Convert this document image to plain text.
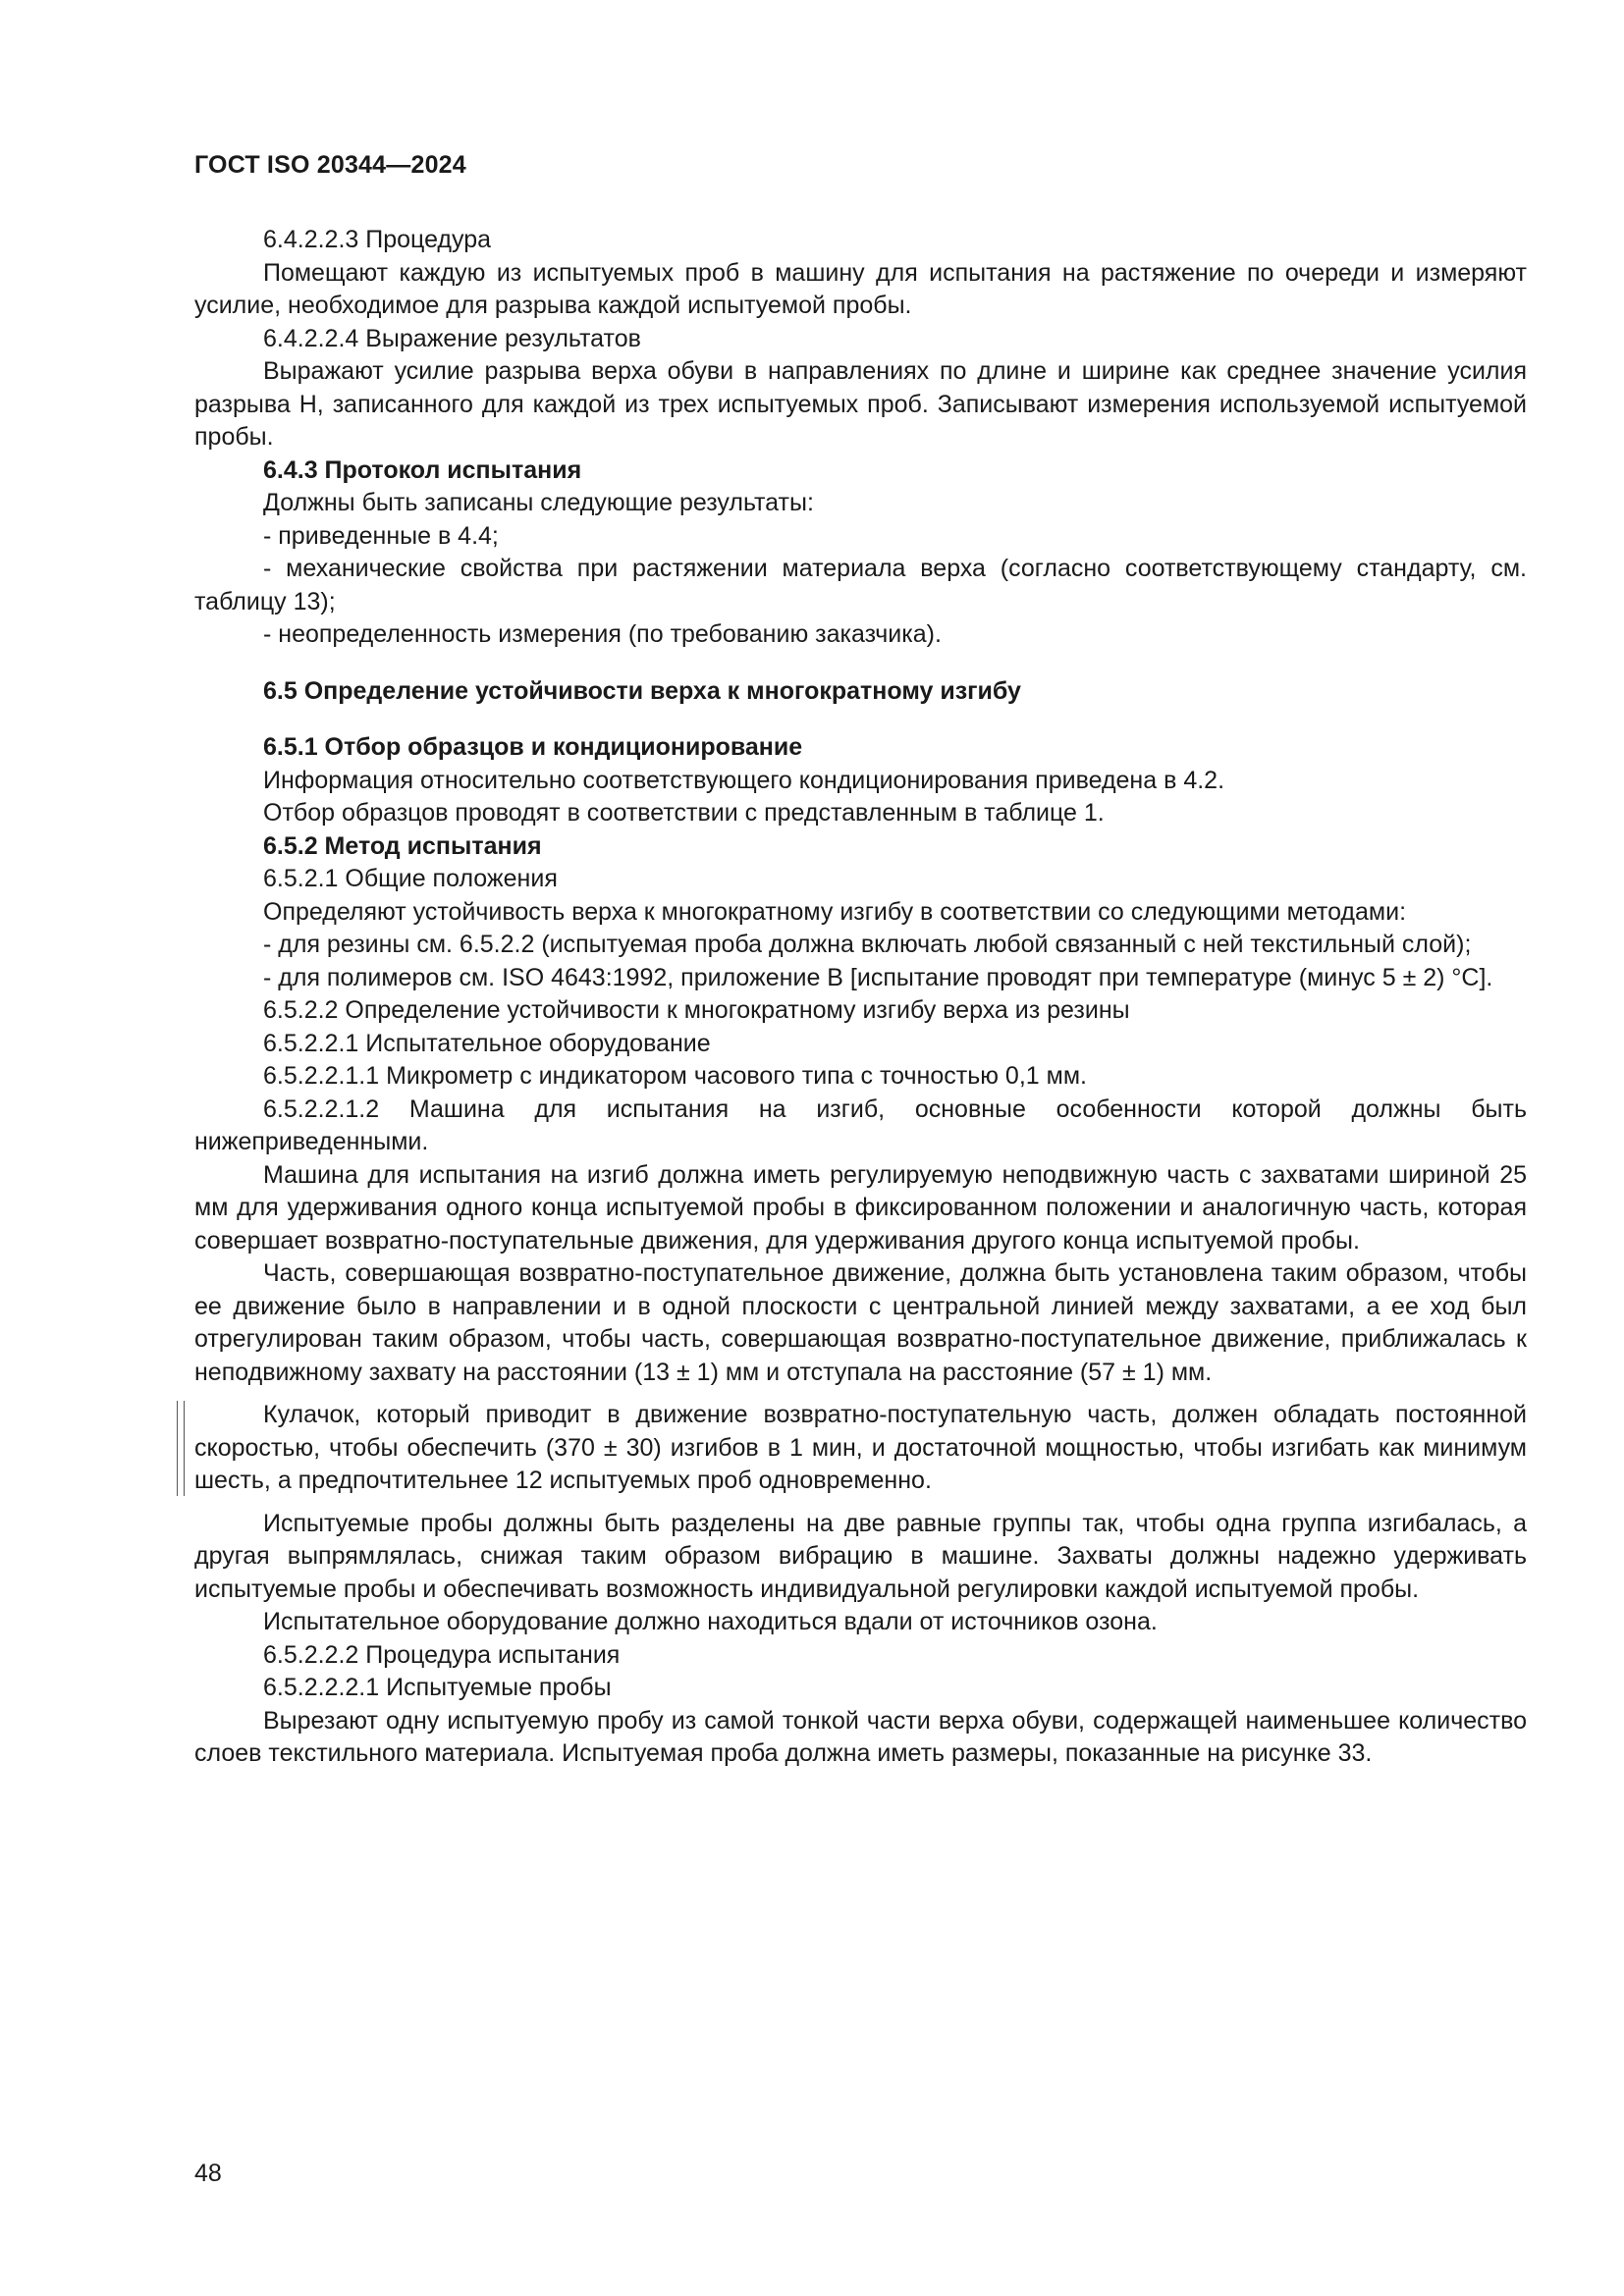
ГОСТ ISO 20344—2024

6.4.2.2.3 Процедура

Помещают каждую из испытуемых проб в машину для испытания на растяжение по очереди и измеряют усилие, необходимое для разрыва каждой испытуемой пробы.

6.4.2.2.4 Выражение результатов

Выражают усилие разрыва верха обуви в направлениях по длине и ширине как среднее значение усилия разрыва Н, записанного для каждой из трех испытуемых проб. Записывают измерения используемой испытуемой пробы.

6.4.3 Протокол испытания

Должны быть записаны следующие результаты:

- приведенные в 4.4;

- механические свойства при растяжении материала верха (согласно соответствующему стандарту, см. таблицу 13);

- неопределенность измерения (по требованию заказчика).

6.5 Определение устойчивости верха к многократному изгибу

6.5.1 Отбор образцов и кондиционирование

Информация относительно соответствующего кондиционирования приведена в 4.2.

Отбор образцов проводят в соответствии с представленным в таблице 1.

6.5.2 Метод испытания

6.5.2.1 Общие положения

Определяют устойчивость верха к многократному изгибу в соответствии со следующими методами:

- для резины см. 6.5.2.2 (испытуемая проба должна включать любой связанный с ней текстильный слой);

- для полимеров см. ISO 4643:1992, приложение B [испытание проводят при температуре (минус 5 ± 2) °С].

6.5.2.2 Определение устойчивости к многократному изгибу верха из резины

6.5.2.2.1 Испытательное оборудование

6.5.2.2.1.1 Микрометр с индикатором часового типа с точностью 0,1 мм.

6.5.2.2.1.2 Машина для испытания на изгиб, основные особенности которой должны быть нижеприведенными.

Машина для испытания на изгиб должна иметь регулируемую неподвижную часть с захватами шириной 25 мм для удерживания одного конца испытуемой пробы в фиксированном положении и аналогичную часть, которая совершает возвратно-поступательные движения, для удерживания другого конца испытуемой пробы.

Часть, совершающая возвратно-поступательное движение, должна быть установлена таким образом, чтобы ее движение было в направлении и в одной плоскости с центральной линией между захватами, а ее ход был отрегулирован таким образом, чтобы часть, совершающая возвратно-поступательное движение, приближалась к неподвижному захвату на расстоянии (13 ± 1) мм и отступала на расстояние (57 ± 1) мм.

Кулачок, который приводит в движение возвратно-поступательную часть, должен обладать постоянной скоростью, чтобы обеспечить (370 ± 30) изгибов в 1 мин, и достаточной мощностью, чтобы изгибать как минимум шесть, а предпочтительнее 12 испытуемых проб одновременно.

Испытуемые пробы должны быть разделены на две равные группы так, чтобы одна группа изгибалась, а другая выпрямлялась, снижая таким образом вибрацию в машине. Захваты должны надежно удерживать испытуемые пробы и обеспечивать возможность индивидуальной регулировки каждой испытуемой пробы.

Испытательное оборудование должно находиться вдали от источников озона.

6.5.2.2.2 Процедура испытания

6.5.2.2.2.1 Испытуемые пробы

Вырезают одну испытуемую пробу из самой тонкой части верха обуви, содержащей наименьшее количество слоев текстильного материала. Испытуемая проба должна иметь размеры, показанные на рисунке 33.

48
